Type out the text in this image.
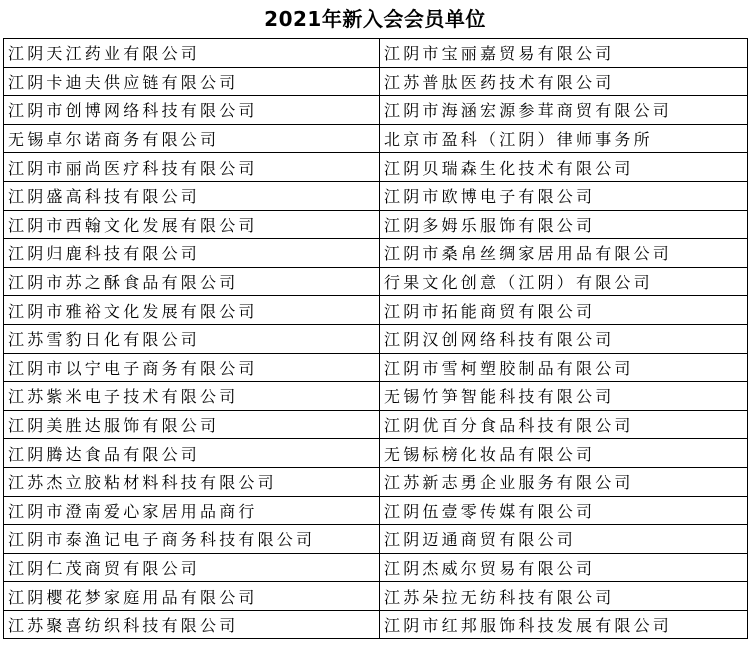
2021年新入会会员单位
江阴天江药业有限公司	江阴市宝丽嘉贸易有限公司
江阴卡迪夫供应链有限公司	江苏普肽医药技术有限公司
江阴市创博网络科技有限公司	江阴市海涵宏源参茸商贸有限公司
无锡卓尔诺商务有限公司	北京市盈科（江阴）律师事务所
江阴市丽尚医疗科技有限公司	江阴贝瑞森生化技术有限公司
江阴盛高科技有限公司	江阴市欧博电子有限公司
江阴市西翰文化发展有限公司	江阴多姆乐服饰有限公司
江阴归鹿科技有限公司	江阴市桑帛丝绸家居用品有限公司
江阴市苏之酥食品有限公司	行果文化创意（江阴）有限公司
江阴市雅裕文化发展有限公司	江阴市拓能商贸有限公司
江苏雪豹日化有限公司	江阴汉创网络科技有限公司
江阴市以宁电子商务有限公司	江阴市雪柯塑胶制品有限公司
江苏紫米电子技术有限公司	无锡竹笋智能科技有限公司
江阴美胜达服饰有限公司	江阴优百分食品科技有限公司
江阴腾达食品有限公司	无锡标榜化妆品有限公司
江苏杰立胶粘材料科技有限公司	江苏新志勇企业服务有限公司
江阴市澄南爱心家居用品商行	江阴伍壹零传媒有限公司
江阴市泰渔记电子商务科技有限公司	江阴迈通商贸有限公司
江阴仁茂商贸有限公司	江阴杰威尔贸易有限公司
江阴樱花梦家庭用品有限公司	江苏朵拉无纺科技有限公司
江苏聚喜纺织科技有限公司	江阴市红邦服饰科技发展有限公司
